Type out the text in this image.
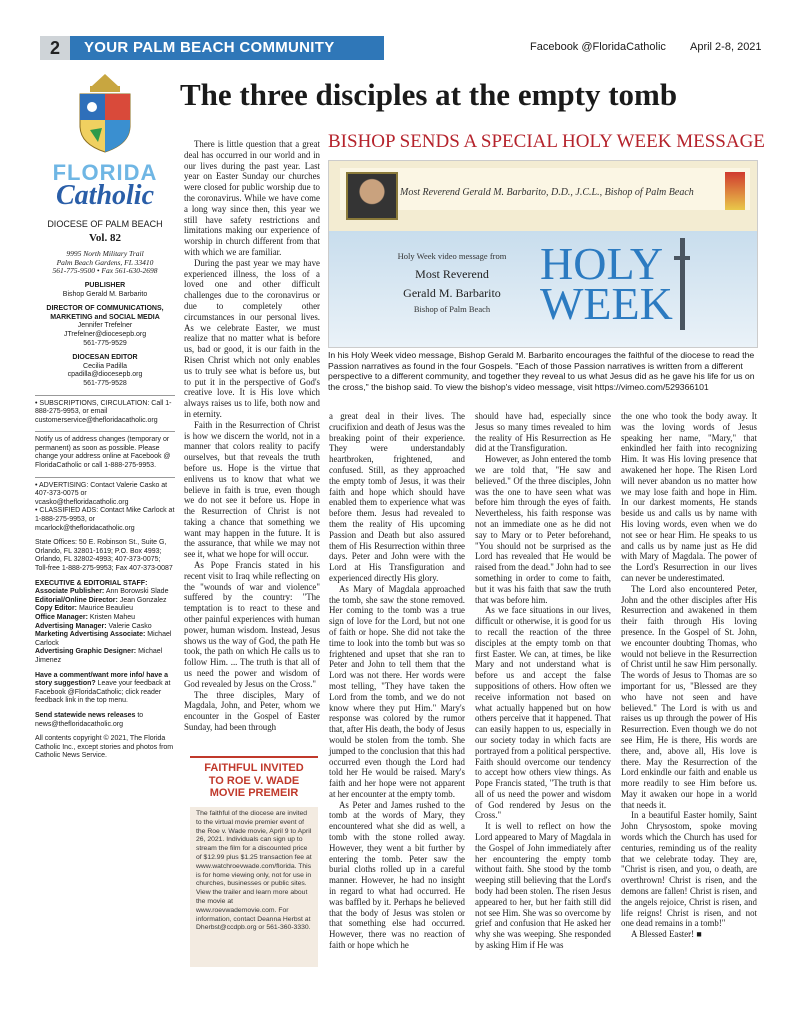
2	YOUR PALM BEACH COMMUNITY	Facebook @FloridaCatholic April 2-8, 2021
FLORIDA
Catholic
DIOCESE OF PALM BEACH
Vol. 82
9995 North Military Trail
Palm Beach Gardens, FL 33410
561-775-9500 • Fax 561-630-2698
PUBLISHER
Bishop Gerald M. Barbarito
DIRECTOR OF COMMUNICATIONS, MARKETING and SOCIAL MEDIA
Jennifer Trefelner
JTrefelner@diocesepb.org
561-775-9529
DIOCESAN EDITOR
Cecilia Padilla
cpadilla@diocesepb.org
561-775-9528
• SUBSCRIPTIONS, CIRCULATION: Call 1-888-275-9953, or email customerservice@thefloridacatholic.org
Notify us of address changes (temporary or permanent) as soon as possible. Please change your address online at Facebook @ FloridaCatholic or call 1-888-275-9953.
• ADVERTISING: Contact Valerie Casko at 407-373-0075 or vcasko@thefloridacatholic.org
• CLASSIFIED ADS: Contact Mike Carlock at 1-888-275-9953, or mcarlock@thefloridacatholic.org
State Offices: 50 E. Robinson St., Suite G, Orlando, FL 32801-1619; P.O. Box 4993; Orlando, FL 32802-4993; 407-373-0075; Toll-free 1-888-275-9953; Fax 407-373-0087
EXECUTIVE & EDITORIAL STAFF:
Associate Publisher: Ann Borowski Slade
Editorial/Online Director: Jean Gonzalez
Copy Editor: Maurice Beaulieu
Office Manager: Kristen Maheu
Advertising Manager: Valerie Casko
Marketing Advertising Associate: Michael Carlock
Advertising Graphic Designer: Michael Jimenez
Have a comment/want more info/ have a story suggestion? Leave your feedback at Facebook @FloridaCatholic; click reader feedback link in the top menu.
Send statewide news releases to news@thefloridacatholic.org
All contents copyright © 2021, The Florida Catholic Inc., except stories and photos from Catholic News Service.
The three disciples at the empty tomb
BISHOP SENDS A SPECIAL HOLY WEEK MESSAGE

There is little question that a great deal has occurred in our world and in our lives during the past year. Last year on Easter Sunday our churches were closed for public worship due to the coronavirus. While we have come a long way since then, this year we still have safety restrictions and limitations making our experience of worship in church different from that with which we are familiar.

During the past year we may have experienced illness, the loss of a loved one and other difficult challenges due to the coronavirus or due to completely other circumstances in our personal lives. As we celebrate Easter, we must realize that no matter what is before us, bad or good, it is our faith in the Risen Christ which not only enables us to truly see what is before us, but to put it in the perspective of God's creative love. It is His love which always raises us to life, both now and in eternity.

Faith in the Resurrection of Christ is how we discern the world, not in a manner that colors reality to pacify ourselves, but that reveals the truth before us. Hope is the virtue that enlivens us to know that what we believe in faith is true, even though we do not see it before us. Hope in the Resurrection of Christ is not taking a chance that something we want may happen in the future. It is the assurance, that while we may not see it, what we hope for will occur.

As Pope Francis stated in his recent visit to Iraq while reflecting on the "wounds of war and violence" suffered by the country: "The temptation is to react to these and other painful experiences with human power, human wisdom. Instead, Jesus shows us the way of God, the path He took, the path on which He calls us to follow Him. ... The truth is that all of us need the power and wisdom of God revealed by Jesus on the Cross."

The three disciples, Mary of Magdala, John, and Peter, whom we encounter in the Gospel of Easter Sunday, had been through

Most Reverend Gerald M. Barbarito, D.D., J.C.L., Bishop of Palm Beach
Holy Week video message from
Most Reverend
Gerald M. Barbarito
Bishop of Palm Beach
HOLY
WEEK
In his Holy Week video message, Bishop Gerald M. Barbarito encourages the faithful of the diocese to read the Passion narratives as found in the four Gospels. "Each of those Passion narratives is written from a different perspective to a different community, and together they reveal to us what Jesus did as he gave his life for us on the cross," the bishop said. To view the bishop's video message, visit https://vimeo.com/529366101

a great deal in their lives. The crucifixion and death of Jesus was the breaking point of their experience. They were understandably heartbroken, frightened, and confused. Still, as they approached the empty tomb of Jesus, it was their faith and hope which should have enabled them to experience what was before them. Jesus had revealed to them the reality of His upcoming Passion and Death but also assured them of His Resurrection within three days. Peter and John were with the Lord at His Transfiguration and experienced directly His glory.

As Mary of Magdala approached the tomb, she saw the stone removed. Her coming to the tomb was a true sign of love for the Lord, but not one of faith or hope. She did not take the time to look into the tomb but was so frightened and upset that she ran to Peter and John to tell them that the Lord was not there. Her words were most telling, "They have taken the Lord from the tomb, and we do not know where they put Him." Mary's response was colored by the rumor that, after His death, the body of Jesus would be stolen from the tomb. She jumped to the conclusion that this had occurred even though the Lord had told her He would be raised. Mary's faith and her hope were not apparent at her encounter at the empty tomb.

As Peter and James rushed to the tomb at the words of Mary, they encountered what she did as well, a tomb with the stone rolled away. However, they went a bit further by entering the tomb. Peter saw the burial cloths rolled up in a careful manner. However, he had no insight in regard to what had occurred. He was baffled by it. Perhaps he believed that the body of Jesus was stolen or that something else had occurred. However, there was no reaction of faith or hope which he

should have had, especially since Jesus so many times revealed to him the reality of His Resurrection as He did at the Transfiguration.

However, as John entered the tomb we are told that, "He saw and believed." Of the three disciples, John was the one to have seen what was before him through the eyes of faith. Nevertheless, his faith response was not an immediate one as he did not say to Mary or to Peter beforehand, "You should not be surprised as the Lord has revealed that He would be raised from the dead." John had to see something in order to come to faith, but it was his faith that saw the truth that was before him.

As we face situations in our lives, difficult or otherwise, it is good for us to recall the reaction of the three disciples at the empty tomb on that first Easter. We can, at times, be like Mary and not understand what is before us and accept the false suppositions of others. How often we receive information not based on what actually happened but on how others perceive that it happened. That can easily happen to us, especially in our society today in which facts are portrayed from a political perspective. Faith should overcome our tendency to accept how others view things. As Pope Francis stated, "The truth is that all of us need the power and wisdom of God rendered by Jesus on the Cross."

It is well to reflect on how the Lord appeared to Mary of Magdala in the Gospel of John immediately after her encountering the empty tomb without faith. She stood by the tomb weeping still believing that the Lord's body had been stolen. The risen Jesus appeared to her, but her faith still did not see Him. She was so overcome by grief and confusion that He asked her why she was weeping. She responded by asking Him if He was

the one who took the body away. It was the loving words of Jesus speaking her name, "Mary," that enkindled her faith into recognizing Him. It was His loving presence that awakened her hope. The Risen Lord will never abandon us no matter how we may lose faith and hope in Him. In our darkest moments, He stands beside us and calls us by name with His loving words, even when we do not see or hear Him. He speaks to us and calls us by name just as He did with Mary of Magdala. The power of the Lord's Resurrection in our lives can never be underestimated.

The Lord also encountered Peter, John and the other disciples after His Resurrection and awakened in them their faith through His loving presence. In the Gospel of St. John, we encounter doubting Thomas, who would not believe in the Resurrection of Christ until he saw Him personally. The words of Jesus to Thomas are so important for us, "Blessed are they who have not seen and have believed." The Lord is with us and raises us up through the power of His Resurrection. Even though we do not see Him, He is there, His words are there, and, above all, His love is there. May the Resurrection of the Lord enkindle our faith and enable us more readily to see Him before us. May it awaken our hope in a world that needs it.

In a beautiful Easter homily, Saint John Chrysostom, spoke moving words which the Church has used for centuries, reminding us of the reality that we celebrate today. They are, "Christ is risen, and you, o death, are overthrown! Christ is risen, and the demons are fallen! Christ is risen, and the angels rejoice, Christ is risen, and life reigns! Christ is risen, and not one dead remains in a tomb!"

A Blessed Easter! ■

FAITHFUL INVITED
TO ROE V. WADE
MOVIE PREMEIR
The faithful of the diocese are invited to the virtual movie premier event of the Roe v. Wade movie, April 9 to April 26, 2021. Individuals can sign up to stream the film for a discounted price of $12.99 plus $1.25 transaction fee at www.watchroevwade.com/florida. This is for home viewing only, not for use in churches, businesses or public sites. View the trailer and learn more about the movie at www.roevwademovie.com. For information, contact Deanna Herbst at Dherbst@ccdpb.org or 561-360-3330.
